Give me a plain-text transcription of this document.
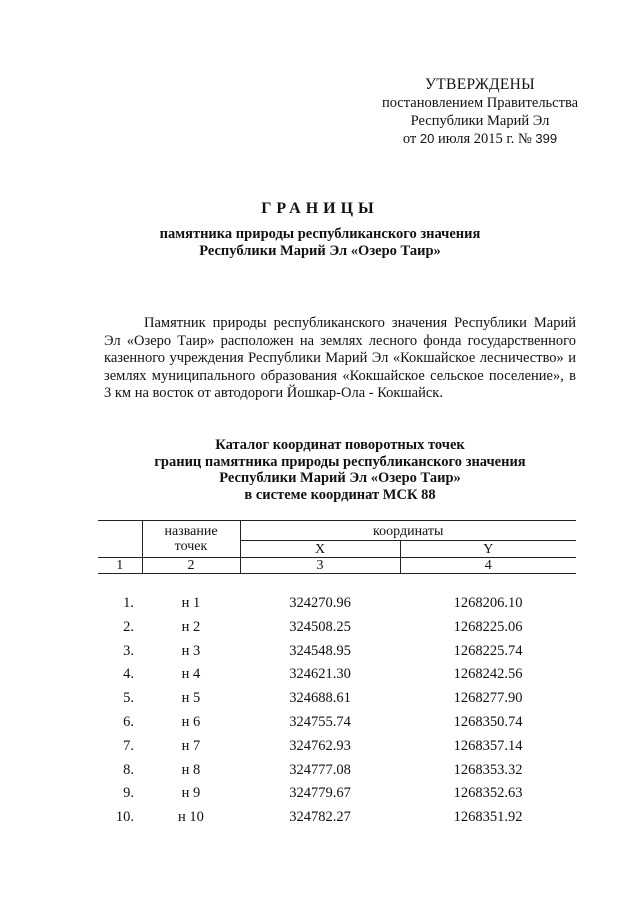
УТВЕРЖДЕНЫ
постановлением Правительства
Республики Марий Эл
от 20 июля 2015 г. № 399
ГРАНИЦЫ
памятника природы республиканского значения
Республики Марий Эл «Озеро Таир»
Памятник природы республиканского значения Республики Марий Эл «Озеро Таир» расположен на землях лесного фонда государственного казенного учреждения Республики Марий Эл «Кокшайское лесничество» и землях муниципального образования «Кокшайское сельское поселение», в 3 км на восток от автодороги Йошкар-Ола - Кокшайск.
Каталог координат поворотных точек
границ памятника природы республиканского значения
Республики Марий Эл «Озеро Таир»
в системе координат МСК 88
	название точек	координаты	
		X	Y
1	2	3	4
1.	н 1	324270.96	1268206.10
2.	н 2	324508.25	1268225.06
3.	н 3	324548.95	1268225.74
4.	н 4	324621.30	1268242.56
5.	н 5	324688.61	1268277.90
6.	н 6	324755.74	1268350.74
7.	н 7	324762.93	1268357.14
8.	н 8	324777.08	1268353.32
9.	н 9	324779.67	1268352.63
10.	н 10	324782.27	1268351.92
